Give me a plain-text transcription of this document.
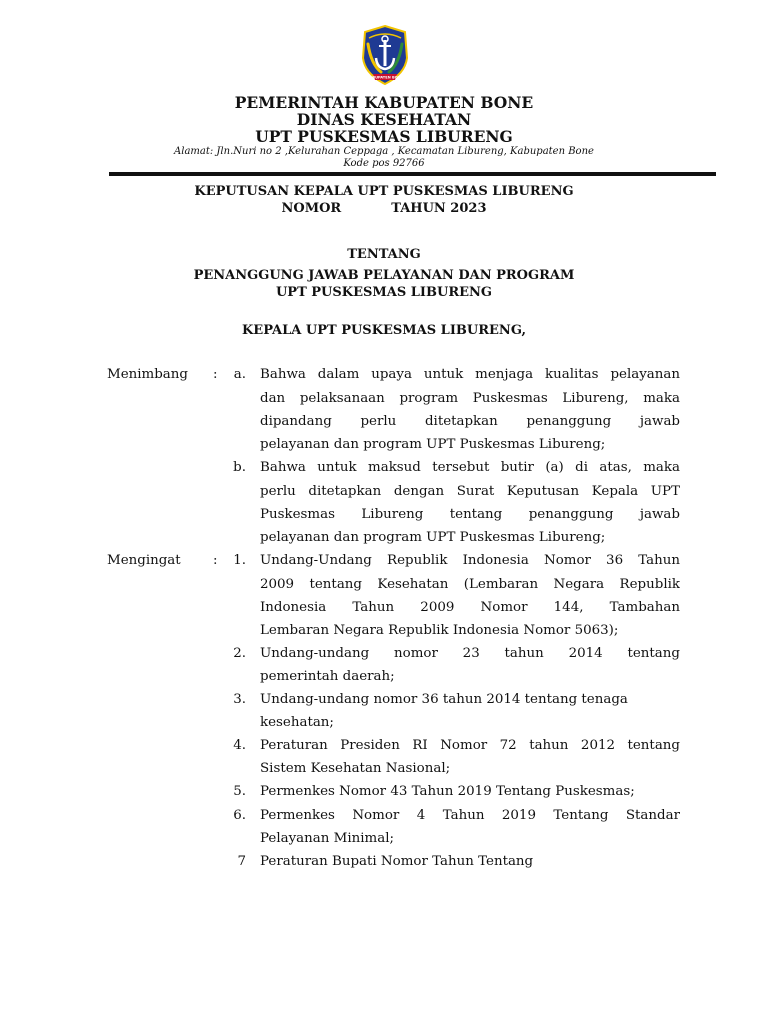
KABUPATEN BONE
PEMERINTAH KABUPATEN BONE
DINAS KESEHATAN
UPT PUSKESMAS LIBURENG
Alamat: Jln.Nuri no 2 ,Kelurahan Ceppaga , Kecamatan Libureng, Kabupaten Bone
Kode pos 92766
KEPUTUSAN KEPALA UPT PUSKESMAS LIBURENG
NOMOR	TAHUN 2023
TENTANG
PENANGGUNG JAWAB PELAYANAN DAN PROGRAM
UPT PUSKESMAS LIBURENG
KEPALA UPT PUSKESMAS LIBURENG,
Menimbang :	a. Bahwa dalam upaya untuk menjaga kualitas pelayanan
dan pelaksanaan program Puskesmas Libureng, maka
dipandang perlu ditetapkan penanggung jawab
pelayanan dan program UPT Puskesmas Libureng;
b. Bahwa untuk maksud tersebut butir (a) di atas, maka
perlu ditetapkan dengan Surat Keputusan Kepala UPT
Puskesmas Libureng tentang penanggung jawab
pelayanan dan program UPT Puskesmas Libureng;
Mengingat :	1. Undang-Undang Republik Indonesia Nomor 36 Tahun
2009 tentang Kesehatan (Lembaran Negara Republik
Indonesia Tahun 2009 Nomor 144, Tambahan
Lembaran Negara Republik Indonesia Nomor 5063);
2. Undang-undang nomor 23 tahun 2014 tentang
pemerintah daerah;
3. Undang-undang nomor 36 tahun 2014 tentang tenaga
kesehatan;
4. Peraturan Presiden RI Nomor 72 tahun 2012 tentang
Sistem Kesehatan Nasional;
5. Permenkes Nomor 43 Tahun 2019 Tentang Puskesmas;
6. Permenkes Nomor 4 Tahun 2019 Tentang Standar
Pelayanan Minimal;
7 Peraturan Bupati Nomor Tahun Tentang
